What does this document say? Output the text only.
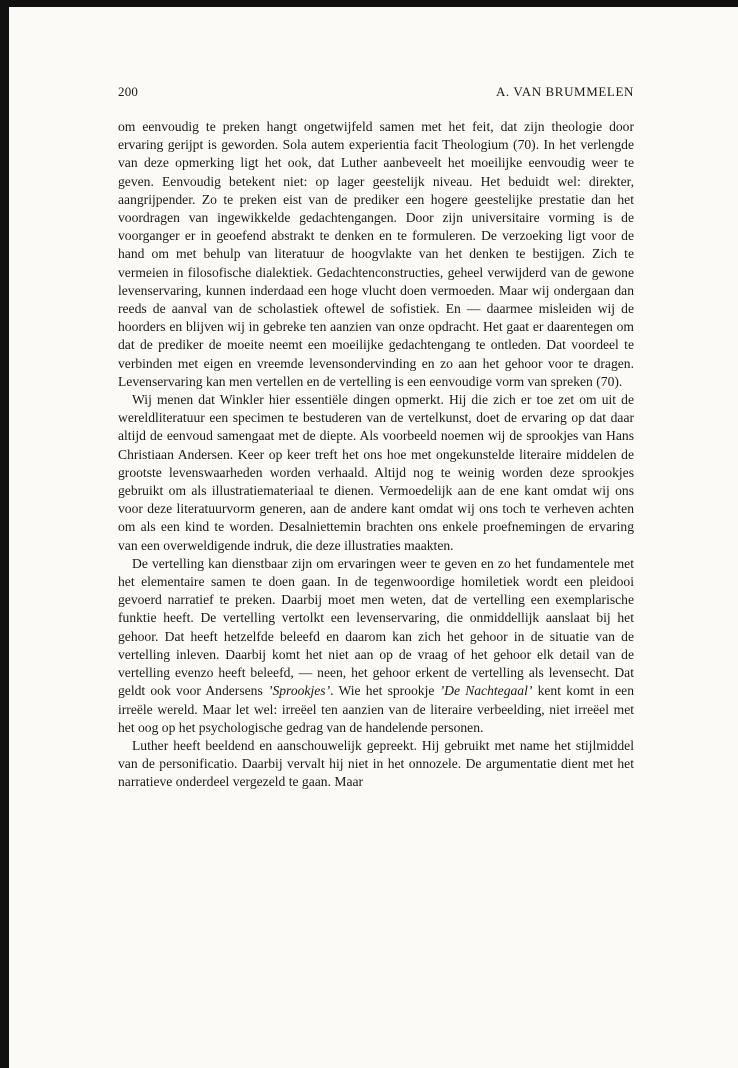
200	A. VAN BRUMMELEN

om eenvoudig te preken hangt ongetwijfeld samen met het feit, dat zijn theologie door ervaring gerijpt is geworden. Sola autem experientia facit Theologium (70). In het verlengde van deze opmerking ligt het ook, dat Luther aanbeveelt het moeilijke eenvoudig weer te geven. Eenvoudig betekent niet: op lager geestelijk niveau. Het beduidt wel: direkter, aangrijpender. Zo te preken eist van de prediker een hogere geestelijke prestatie dan het voordragen van ingewikkelde gedachtengangen. Door zijn universitaire vorming is de voorganger er in geoefend abstrakt te denken en te formuleren. De verzoeking ligt voor de hand om met behulp van literatuur de hoogvlakte van het denken te bestijgen. Zich te vermeien in filosofische dialektiek. Gedachtenconstructies, geheel verwijderd van de gewone levenservaring, kunnen inderdaad een hoge vlucht doen vermoeden. Maar wij ondergaan dan reeds de aanval van de scholastiek oftewel de sofistiek. En — daarmee misleiden wij de hoorders en blijven wij in gebreke ten aanzien van onze opdracht. Het gaat er daarentegen om dat de prediker de moeite neemt een moeilijke gedachtengang te ontleden. Dat voordeel te verbinden met eigen en vreemde levensondervinding en zo aan het gehoor voor te dragen. Levenservaring kan men vertellen en de vertelling is een eenvoudige vorm van spreken (70).

Wij menen dat Winkler hier essentiële dingen opmerkt. Hij die zich er toe zet om uit de wereldliteratuur een specimen te bestuderen van de vertelkunst, doet de ervaring op dat daar altijd de eenvoud samengaat met de diepte. Als voorbeeld noemen wij de sprookjes van Hans Christiaan Andersen. Keer op keer treft het ons hoe met ongekunstelde literaire middelen de grootste levenswaarheden worden verhaald. Altijd nog te weinig worden deze sprookjes gebruikt om als illustratiemateriaal te dienen. Vermoedelijk aan de ene kant omdat wij ons voor deze literatuurvorm generen, aan de andere kant omdat wij ons toch te verheven achten om als een kind te worden. Desalniettemin brachten ons enkele proefnemingen de ervaring van een overweldigende indruk, die deze illustraties maakten.

De vertelling kan dienstbaar zijn om ervaringen weer te geven en zo het fundamentele met het elementaire samen te doen gaan. In de tegenwoordige homiletiek wordt een pleidooi gevoerd narratief te preken. Daarbij moet men weten, dat de vertelling een exemplarische funktie heeft. De vertelling vertolkt een levenservaring, die onmiddellijk aanslaat bij het gehoor. Dat heeft hetzelfde beleefd en daarom kan zich het gehoor in de situatie van de vertelling inleven. Daarbij komt het niet aan op de vraag of het gehoor elk detail van de vertelling evenzo heeft beleefd, — neen, het gehoor erkent de vertelling als levensecht. Dat geldt ook voor Andersens ’Sprookjes’. Wie het sprookje ’De Nachtegaal’ kent komt in een irreële wereld. Maar let wel: irreëel ten aanzien van de literaire verbeelding, niet irreëel met het oog op het psychologische gedrag van de handelende personen.

Luther heeft beeldend en aanschouwelijk gepreekt. Hij gebruikt met name het stijlmiddel van de personificatio. Daarbij vervalt hij niet in het onnozele. De argumentatie dient met het narratieve onderdeel vergezeld te gaan. Maar
